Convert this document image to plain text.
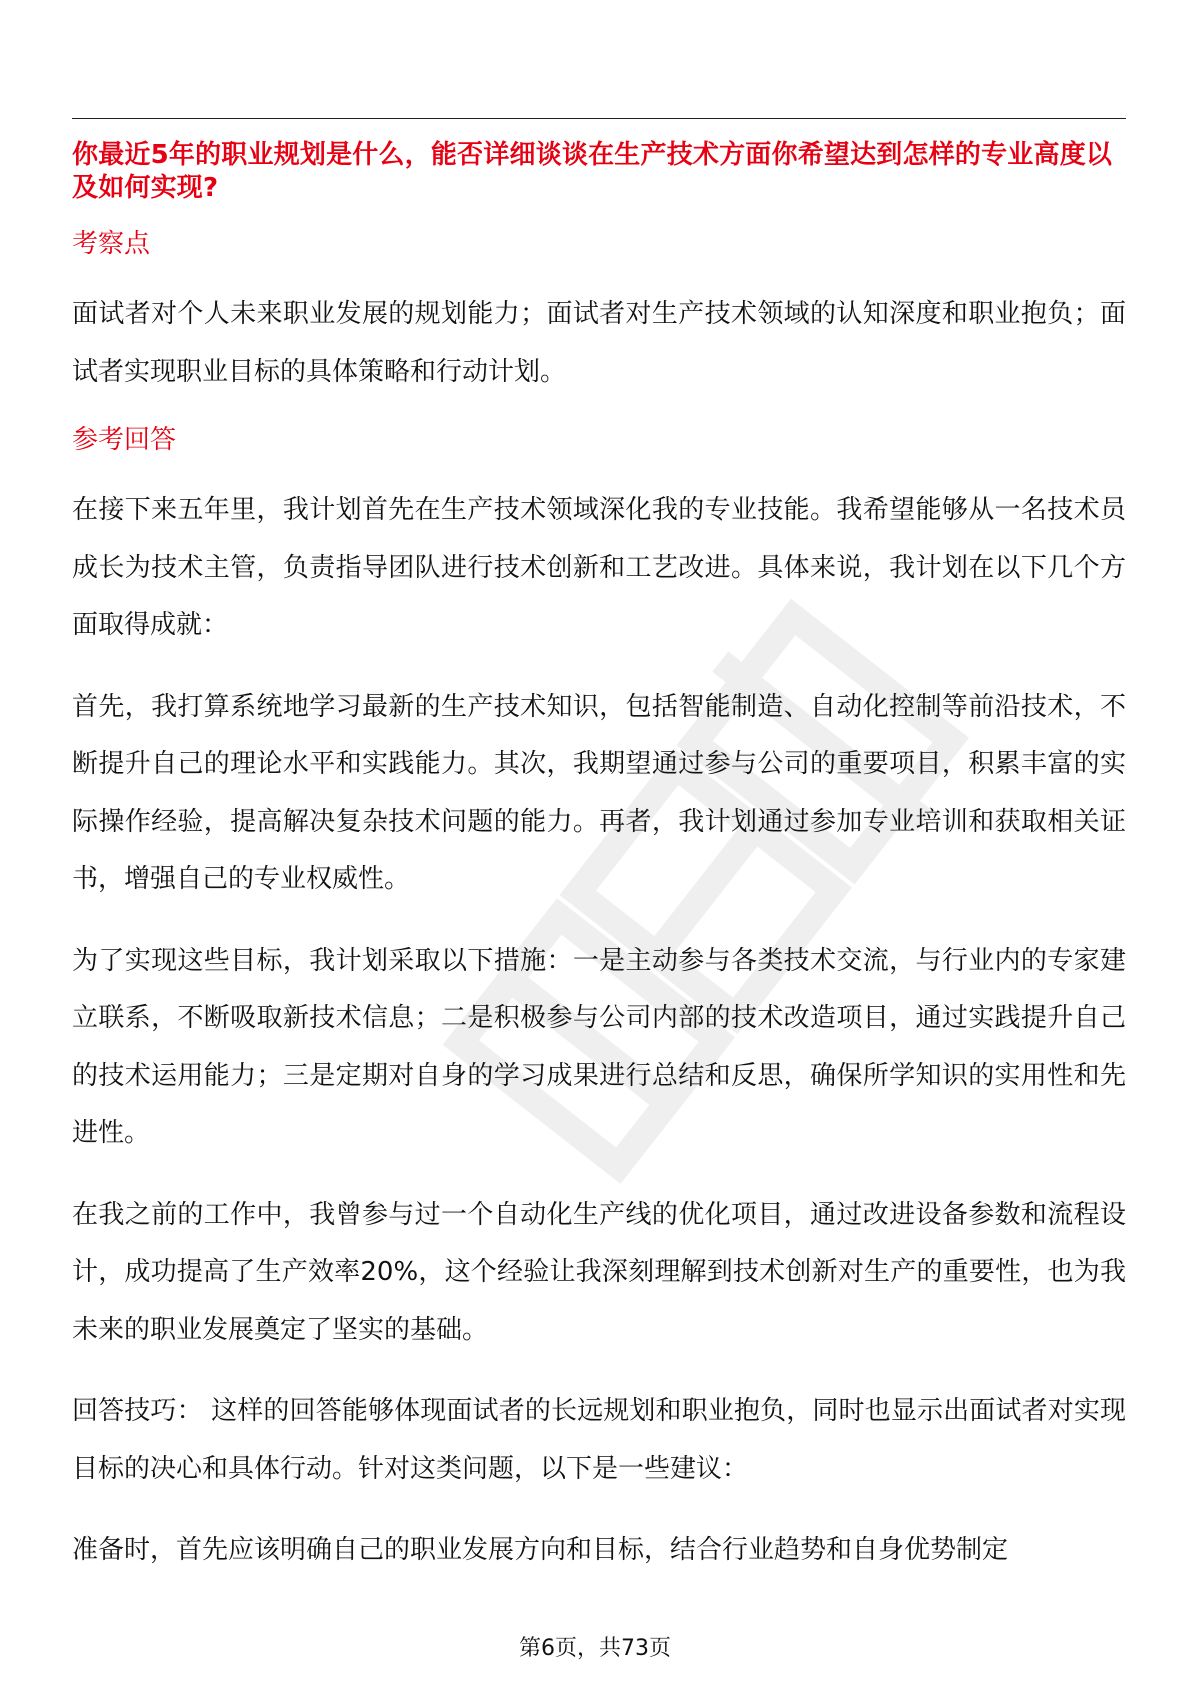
你最近5年的职业规划是什么，能否详细谈谈在生产技术方面你希望达到怎样的专业高度以及如何实现?

考察点

面试者对个人未来职业发展的规划能力；面试者对生产技术领域的认知深度和职业抱负；面试者实现职业目标的具体策略和行动计划。

参考回答

在接下来五年里，我计划首先在生产技术领域深化我的专业技能。我希望能够从一名技术员成长为技术主管，负责指导团队进行技术创新和工艺改进。具体来说，我计划在以下几个方面取得成就：

首先，我打算系统地学习最新的生产技术知识，包括智能制造、自动化控制等前沿技术，不断提升自己的理论水平和实践能力。其次，我期望通过参与公司的重要项目，积累丰富的实际操作经验，提高解决复杂技术问题的能力。再者，我计划通过参加专业培训和获取相关证书，增强自己的专业权威性。

为了实现这些目标，我计划采取以下措施：一是主动参与各类技术交流，与行业内的专家建立联系，不断吸取新技术信息；二是积极参与公司内部的技术改造项目，通过实践提升自己的技术运用能力；三是定期对自身的学习成果进行总结和反思，确保所学知识的实用性和先进性。

在我之前的工作中，我曾参与过一个自动化生产线的优化项目，通过改进设备参数和流程设计，成功提高了生产效率20%，这个经验让我深刻理解到技术创新对生产的重要性，也为我未来的职业发展奠定了坚实的基础。

回答技巧： 这样的回答能够体现面试者的长远规划和职业抱负，同时也显示出面试者对实现目标的决心和具体行动。针对这类问题，以下是一些建议：

准备时，首先应该明确自己的职业发展方向和目标，结合行业趋势和自身优势制定

第6页，共73页
